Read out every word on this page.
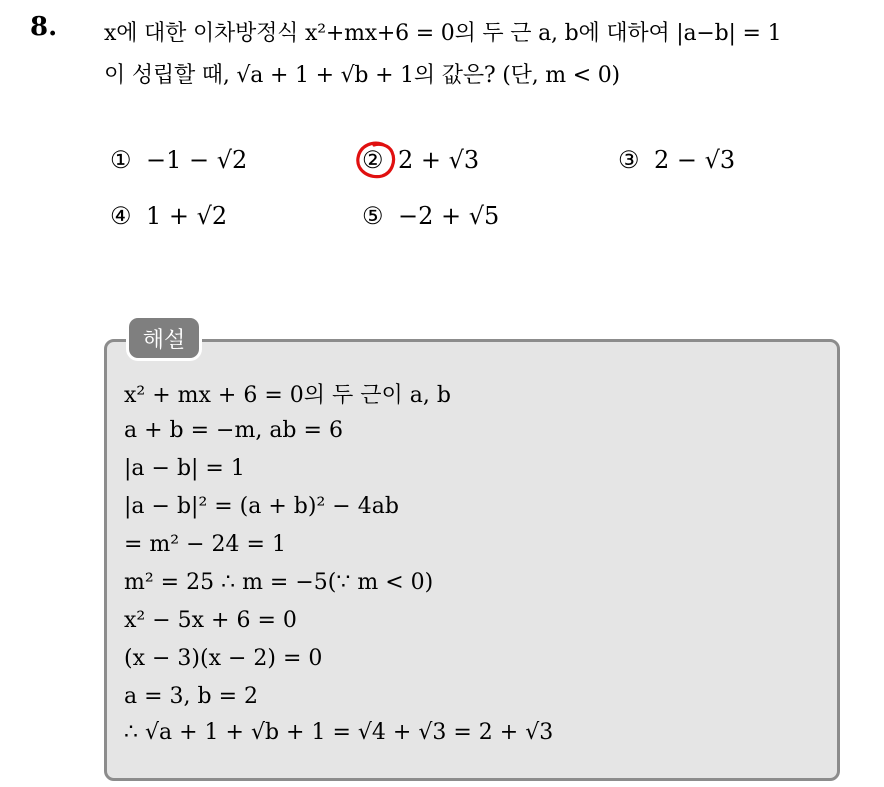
8. x에 대한 이차방정식 x²+mx+6 = 0의 두 근 a, b에 대하여 |a−b| = 1
이 성립할 때, √a + 1 + √b + 1의 값은? (단, m < 0)
① −1 − √2	② 2 + √3	③ 2 − √3
④ 1 + √2	⑤ −2 + √5
해설
x² + mx + 6 = 0의 두 근이 a, b
a + b = −m, ab = 6
|a − b| = 1
|a − b|² = (a + b)² − 4ab
= m² − 24 = 1
m² = 25 ∴ m = −5(∵ m < 0)
x² − 5x + 6 = 0
(x − 3)(x − 2) = 0
a = 3, b = 2
∴ √a + 1 + √b + 1 = √4 + √3 = 2 + √3
